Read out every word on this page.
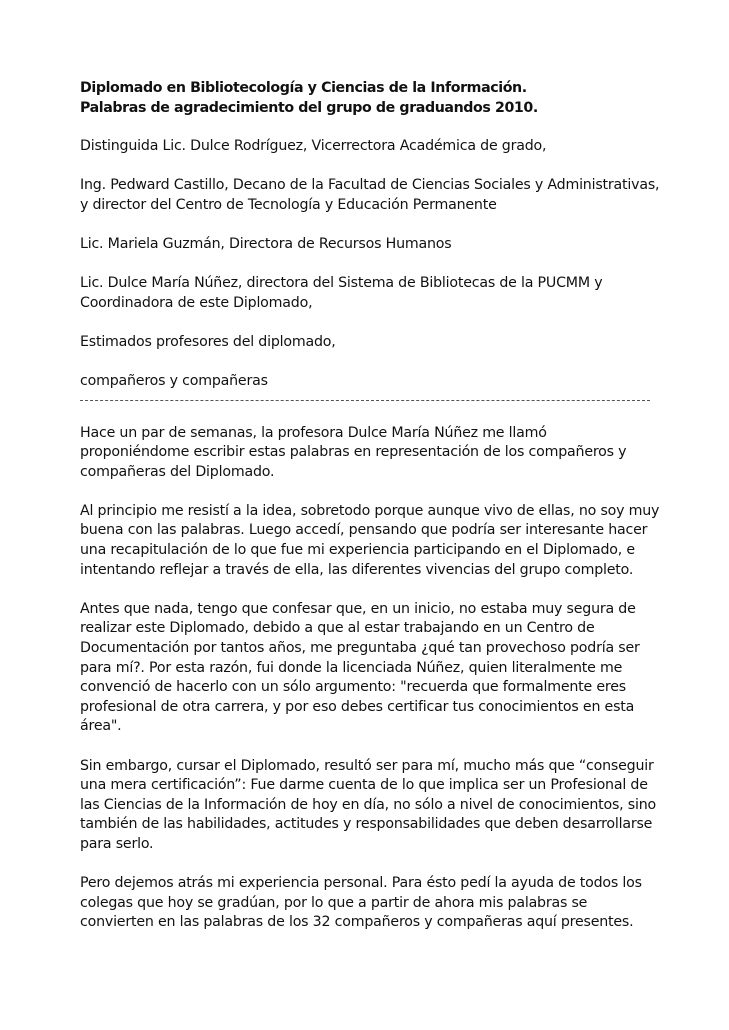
Diplomado en Bibliotecología y Ciencias de la Información.
Palabras de agradecimiento del grupo de graduandos 2010.

Distinguida Lic. Dulce Rodríguez, Vicerrectora Académica de grado,

Ing. Pedward Castillo, Decano de la Facultad de Ciencias Sociales y Administrativas, y director del Centro de Tecnología y Educación Permanente

Lic. Mariela Guzmán, Directora de Recursos Humanos

Lic. Dulce María Núñez, directora del Sistema de Bibliotecas de la PUCMM y Coordinadora de este Diplomado,

Estimados profesores del diplomado,

compañeros y compañeras

Hace un par de semanas, la profesora Dulce María Núñez me llamó proponiéndome escribir estas palabras en representación de los compañeros y compañeras del Diplomado.

Al principio me resistí a la idea, sobretodo porque aunque vivo de ellas, no soy muy buena con las palabras. Luego accedí, pensando que podría ser interesante hacer una recapitulación de lo que fue mi experiencia participando en el Diplomado, e intentando reflejar a través de ella, las diferentes vivencias del grupo completo.

Antes que nada, tengo que confesar que, en un inicio, no estaba muy segura de realizar este Diplomado, debido a que al estar trabajando en un Centro de Documentación por tantos años, me preguntaba ¿qué tan provechoso podría ser para mí?. Por esta razón, fui donde la licenciada Núñez, quien literalmente me convenció de hacerlo con un sólo argumento: "recuerda que formalmente eres profesional de otra carrera, y por eso debes certificar tus conocimientos en esta área".

Sin embargo, cursar el Diplomado, resultó ser para mí, mucho más que “conseguir una mera certificación”: Fue darme cuenta de lo que implica ser un Profesional de las Ciencias de la Información de hoy en día, no sólo a nivel de conocimientos, sino también de las habilidades, actitudes y responsabilidades que deben desarrollarse para serlo.

Pero dejemos atrás mi experiencia personal. Para ésto pedí la ayuda de todos los colegas que hoy se gradúan, por lo que a partir de ahora mis palabras se convierten en las palabras de los 32 compañeros y compañeras aquí presentes.
